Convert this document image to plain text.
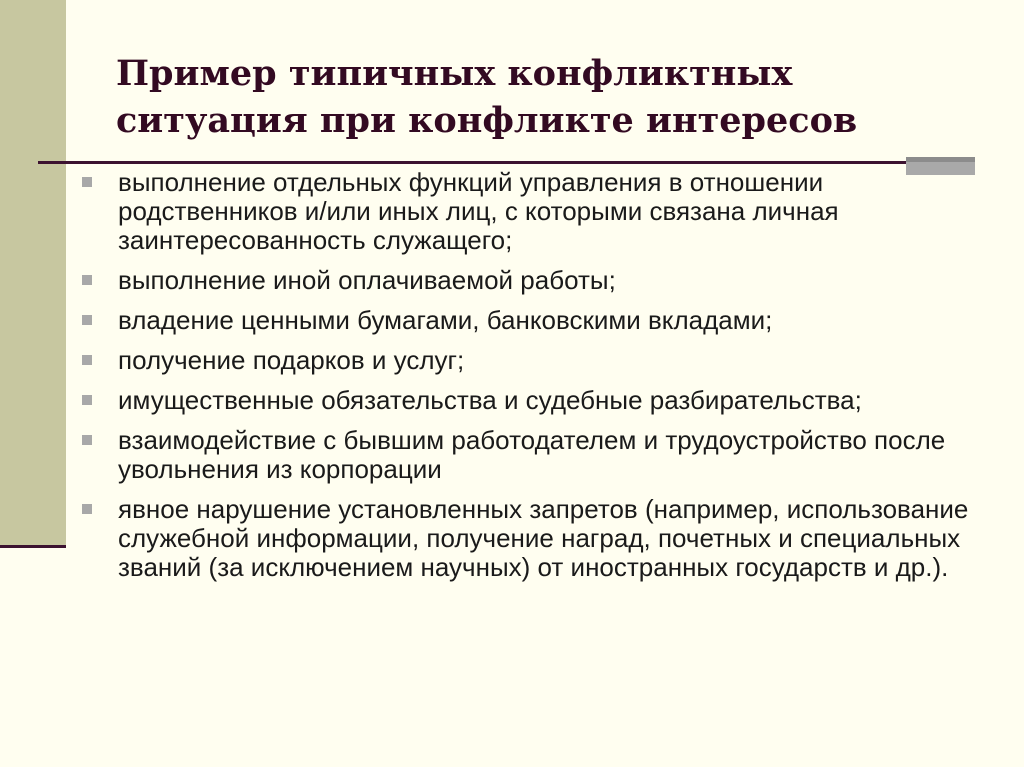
Пример типичных конфликтных ситуация при конфликте интересов
выполнение отдельных функций управления в отношении родственников и/или иных лиц, с которыми связана личная заинтересованность служащего;
выполнение иной оплачиваемой работы;
владение ценными бумагами, банковскими вкладами;
получение подарков и услуг;
имущественные обязательства и судебные разбирательства;
взаимодействие с бывшим работодателем и трудоустройство после увольнения из корпорации
явное нарушение установленных запретов (например, использование служебной информации, получение наград, почетных и специальных званий (за исключением научных) от иностранных государств и др.).
